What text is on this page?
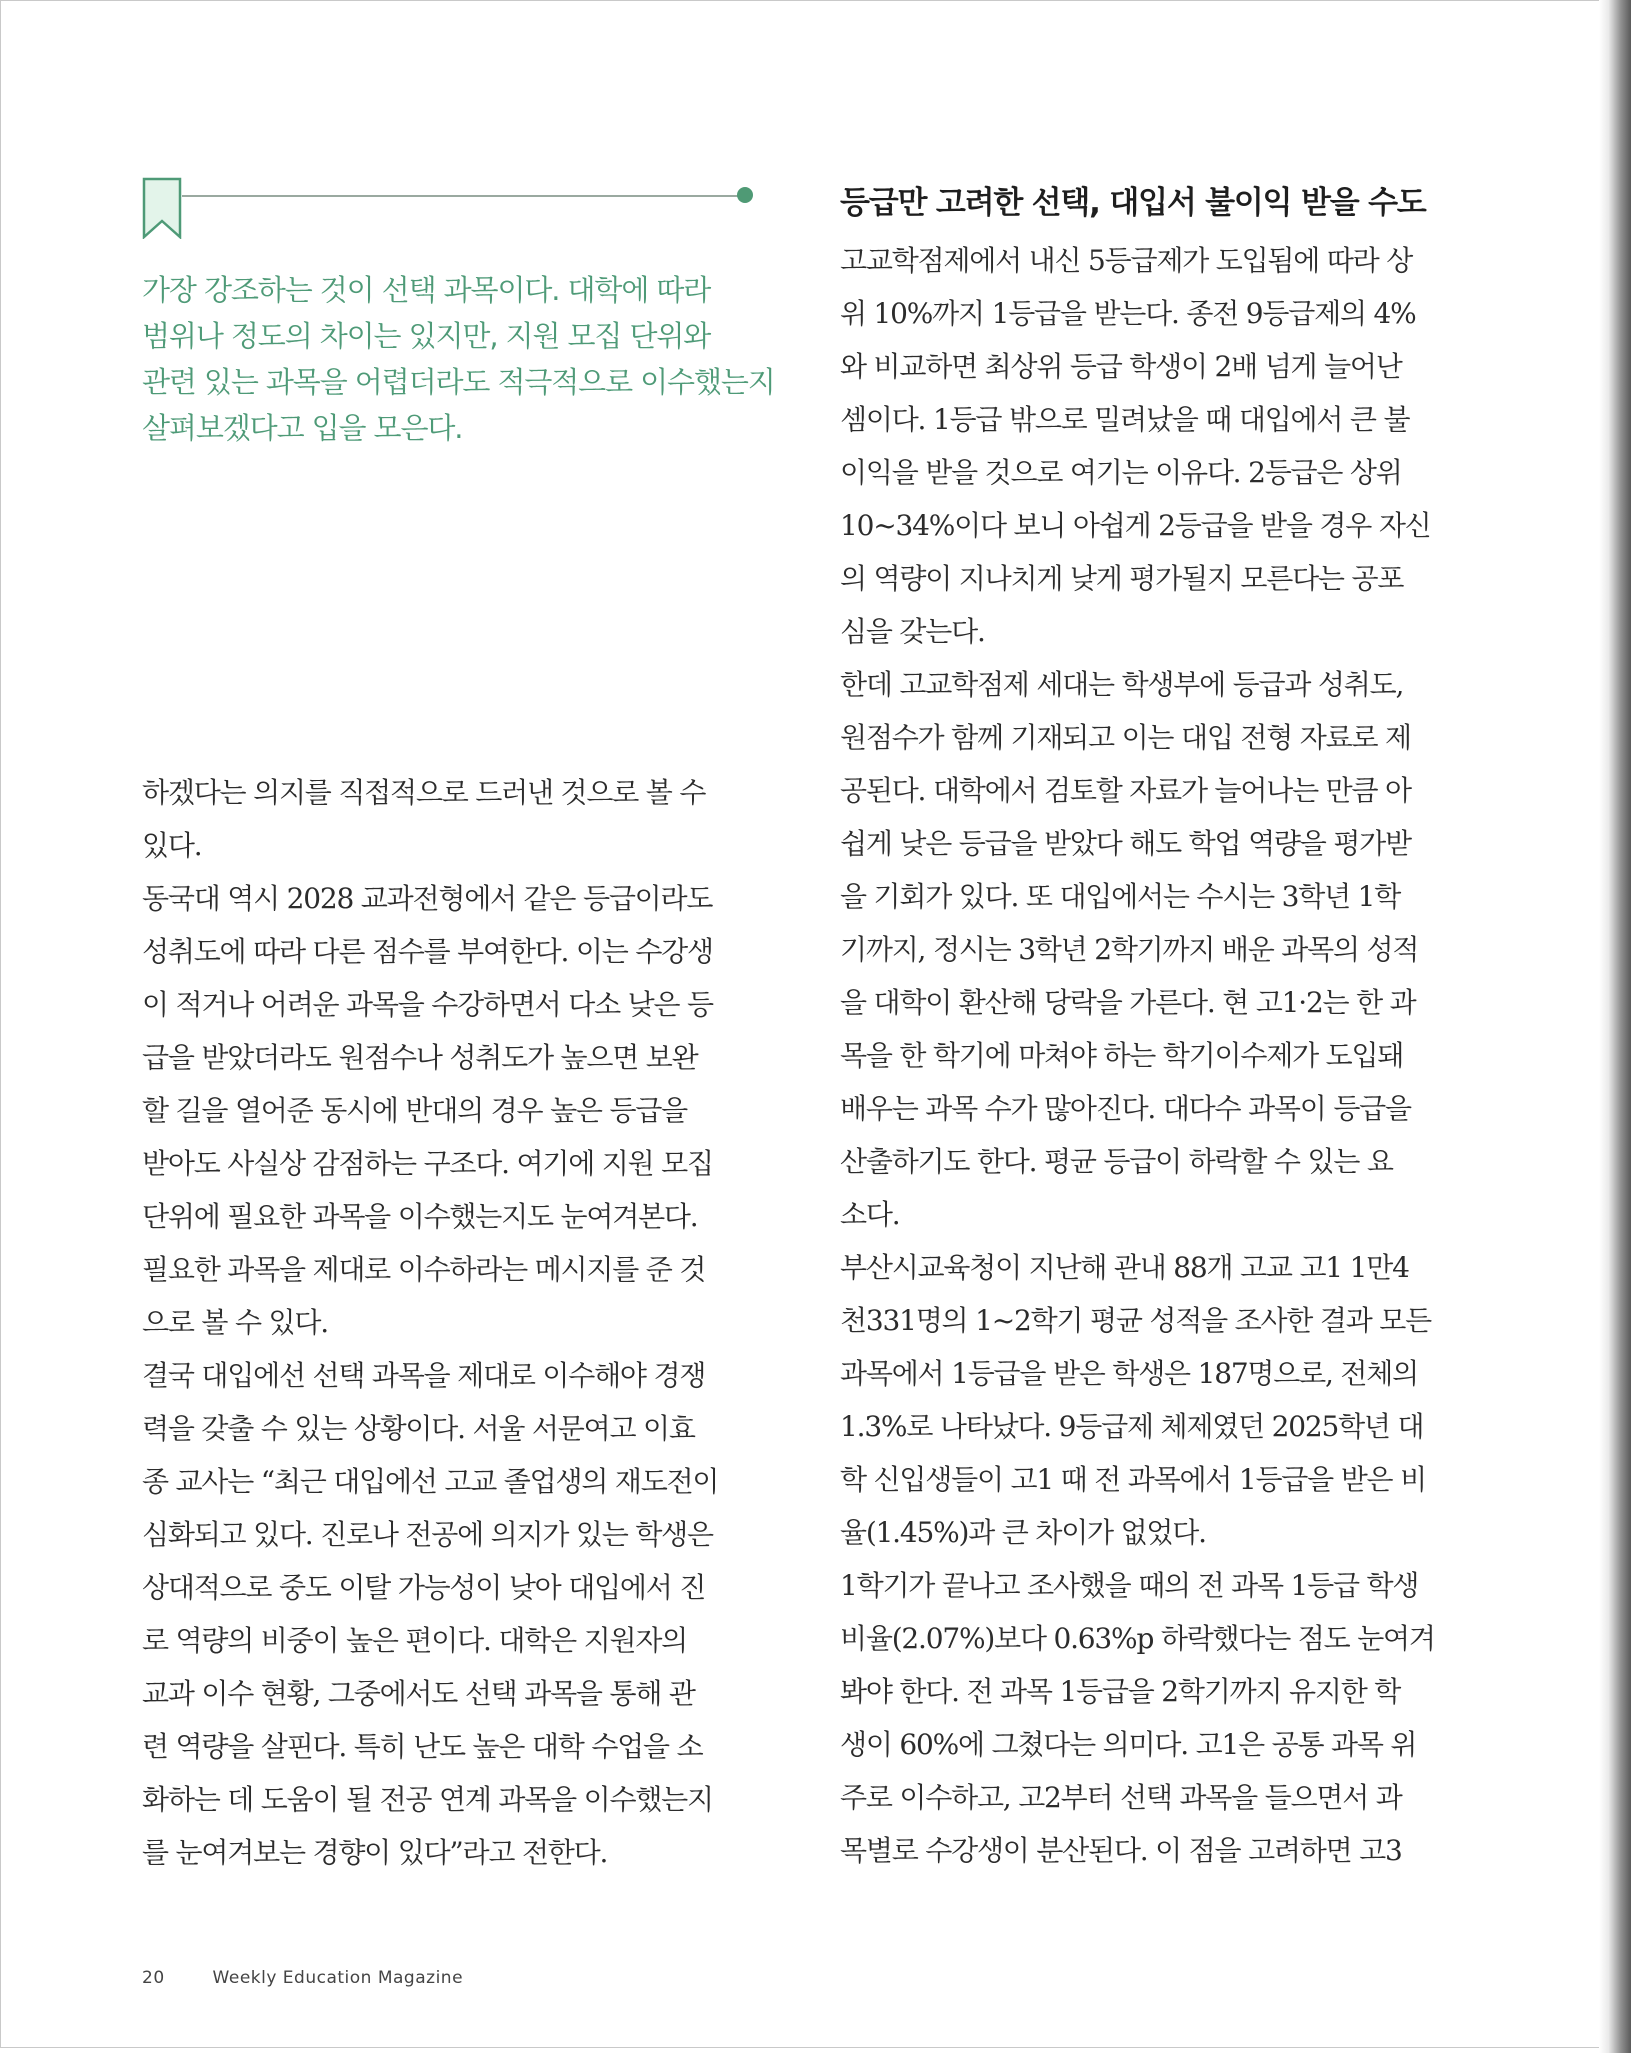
가장 강조하는 것이 선택 과목이다. 대학에 따라
범위나 정도의 차이는 있지만, 지원 모집 단위와
관련 있는 과목을 어렵더라도 적극적으로 이수했는지
살펴보겠다고 입을 모은다.
하겠다는 의지를 직접적으로 드러낸 것으로 볼 수
있다.
동국대 역시 2028 교과전형에서 같은 등급이라도
성취도에 따라 다른 점수를 부여한다. 이는 수강생
이 적거나 어려운 과목을 수강하면서 다소 낮은 등
급을 받았더라도 원점수나 성취도가 높으면 보완
할 길을 열어준 동시에 반대의 경우 높은 등급을
받아도 사실상 감점하는 구조다. 여기에 지원 모집
단위에 필요한 과목을 이수했는지도 눈여겨본다.
필요한 과목을 제대로 이수하라는 메시지를 준 것
으로 볼 수 있다.
결국 대입에선 선택 과목을 제대로 이수해야 경쟁
력을 갖출 수 있는 상황이다. 서울 서문여고 이효
종 교사는 “최근 대입에선 고교 졸업생의 재도전이
심화되고 있다. 진로나 전공에 의지가 있는 학생은
상대적으로 중도 이탈 가능성이 낮아 대입에서 진
로 역량의 비중이 높은 편이다. 대학은 지원자의
교과 이수 현황, 그중에서도 선택 과목을 통해 관
련 역량을 살핀다. 특히 난도 높은 대학 수업을 소
화하는 데 도움이 될 전공 연계 과목을 이수했는지
를 눈여겨보는 경향이 있다”라고 전한다.
등급만 고려한 선택, 대입서 불이익 받을 수도
고교학점제에서 내신 5등급제가 도입됨에 따라 상
위 10%까지 1등급을 받는다. 종전 9등급제의 4%
와 비교하면 최상위 등급 학생이 2배 넘게 늘어난
셈이다. 1등급 밖으로 밀려났을 때 대입에서 큰 불
이익을 받을 것으로 여기는 이유다. 2등급은 상위
10~34%이다 보니 아쉽게 2등급을 받을 경우 자신
의 역량이 지나치게 낮게 평가될지 모른다는 공포
심을 갖는다.
한데 고교학점제 세대는 학생부에 등급과 성취도,
원점수가 함께 기재되고 이는 대입 전형 자료로 제
공된다. 대학에서 검토할 자료가 늘어나는 만큼 아
쉽게 낮은 등급을 받았다 해도 학업 역량을 평가받
을 기회가 있다. 또 대입에서는 수시는 3학년 1학
기까지, 정시는 3학년 2학기까지 배운 과목의 성적
을 대학이 환산해 당락을 가른다. 현 고1·2는 한 과
목을 한 학기에 마쳐야 하는 학기이수제가 도입돼
배우는 과목 수가 많아진다. 대다수 과목이 등급을
산출하기도 한다. 평균 등급이 하락할 수 있는 요
소다.
부산시교육청이 지난해 관내 88개 고교 고1 1만4
천331명의 1~2학기 평균 성적을 조사한 결과 모든
과목에서 1등급을 받은 학생은 187명으로, 전체의
1.3%로 나타났다. 9등급제 체제였던 2025학년 대
학 신입생들이 고1 때 전 과목에서 1등급을 받은 비
율(1.45%)과 큰 차이가 없었다.
1학기가 끝나고 조사했을 때의 전 과목 1등급 학생
비율(2.07%)보다 0.63%p 하락했다는 점도 눈여겨
봐야 한다. 전 과목 1등급을 2학기까지 유지한 학
생이 60%에 그쳤다는 의미다. 고1은 공통 과목 위
주로 이수하고, 고2부터 선택 과목을 들으면서 과
목별로 수강생이 분산된다. 이 점을 고려하면 고3
20	Weekly Education Magazine
